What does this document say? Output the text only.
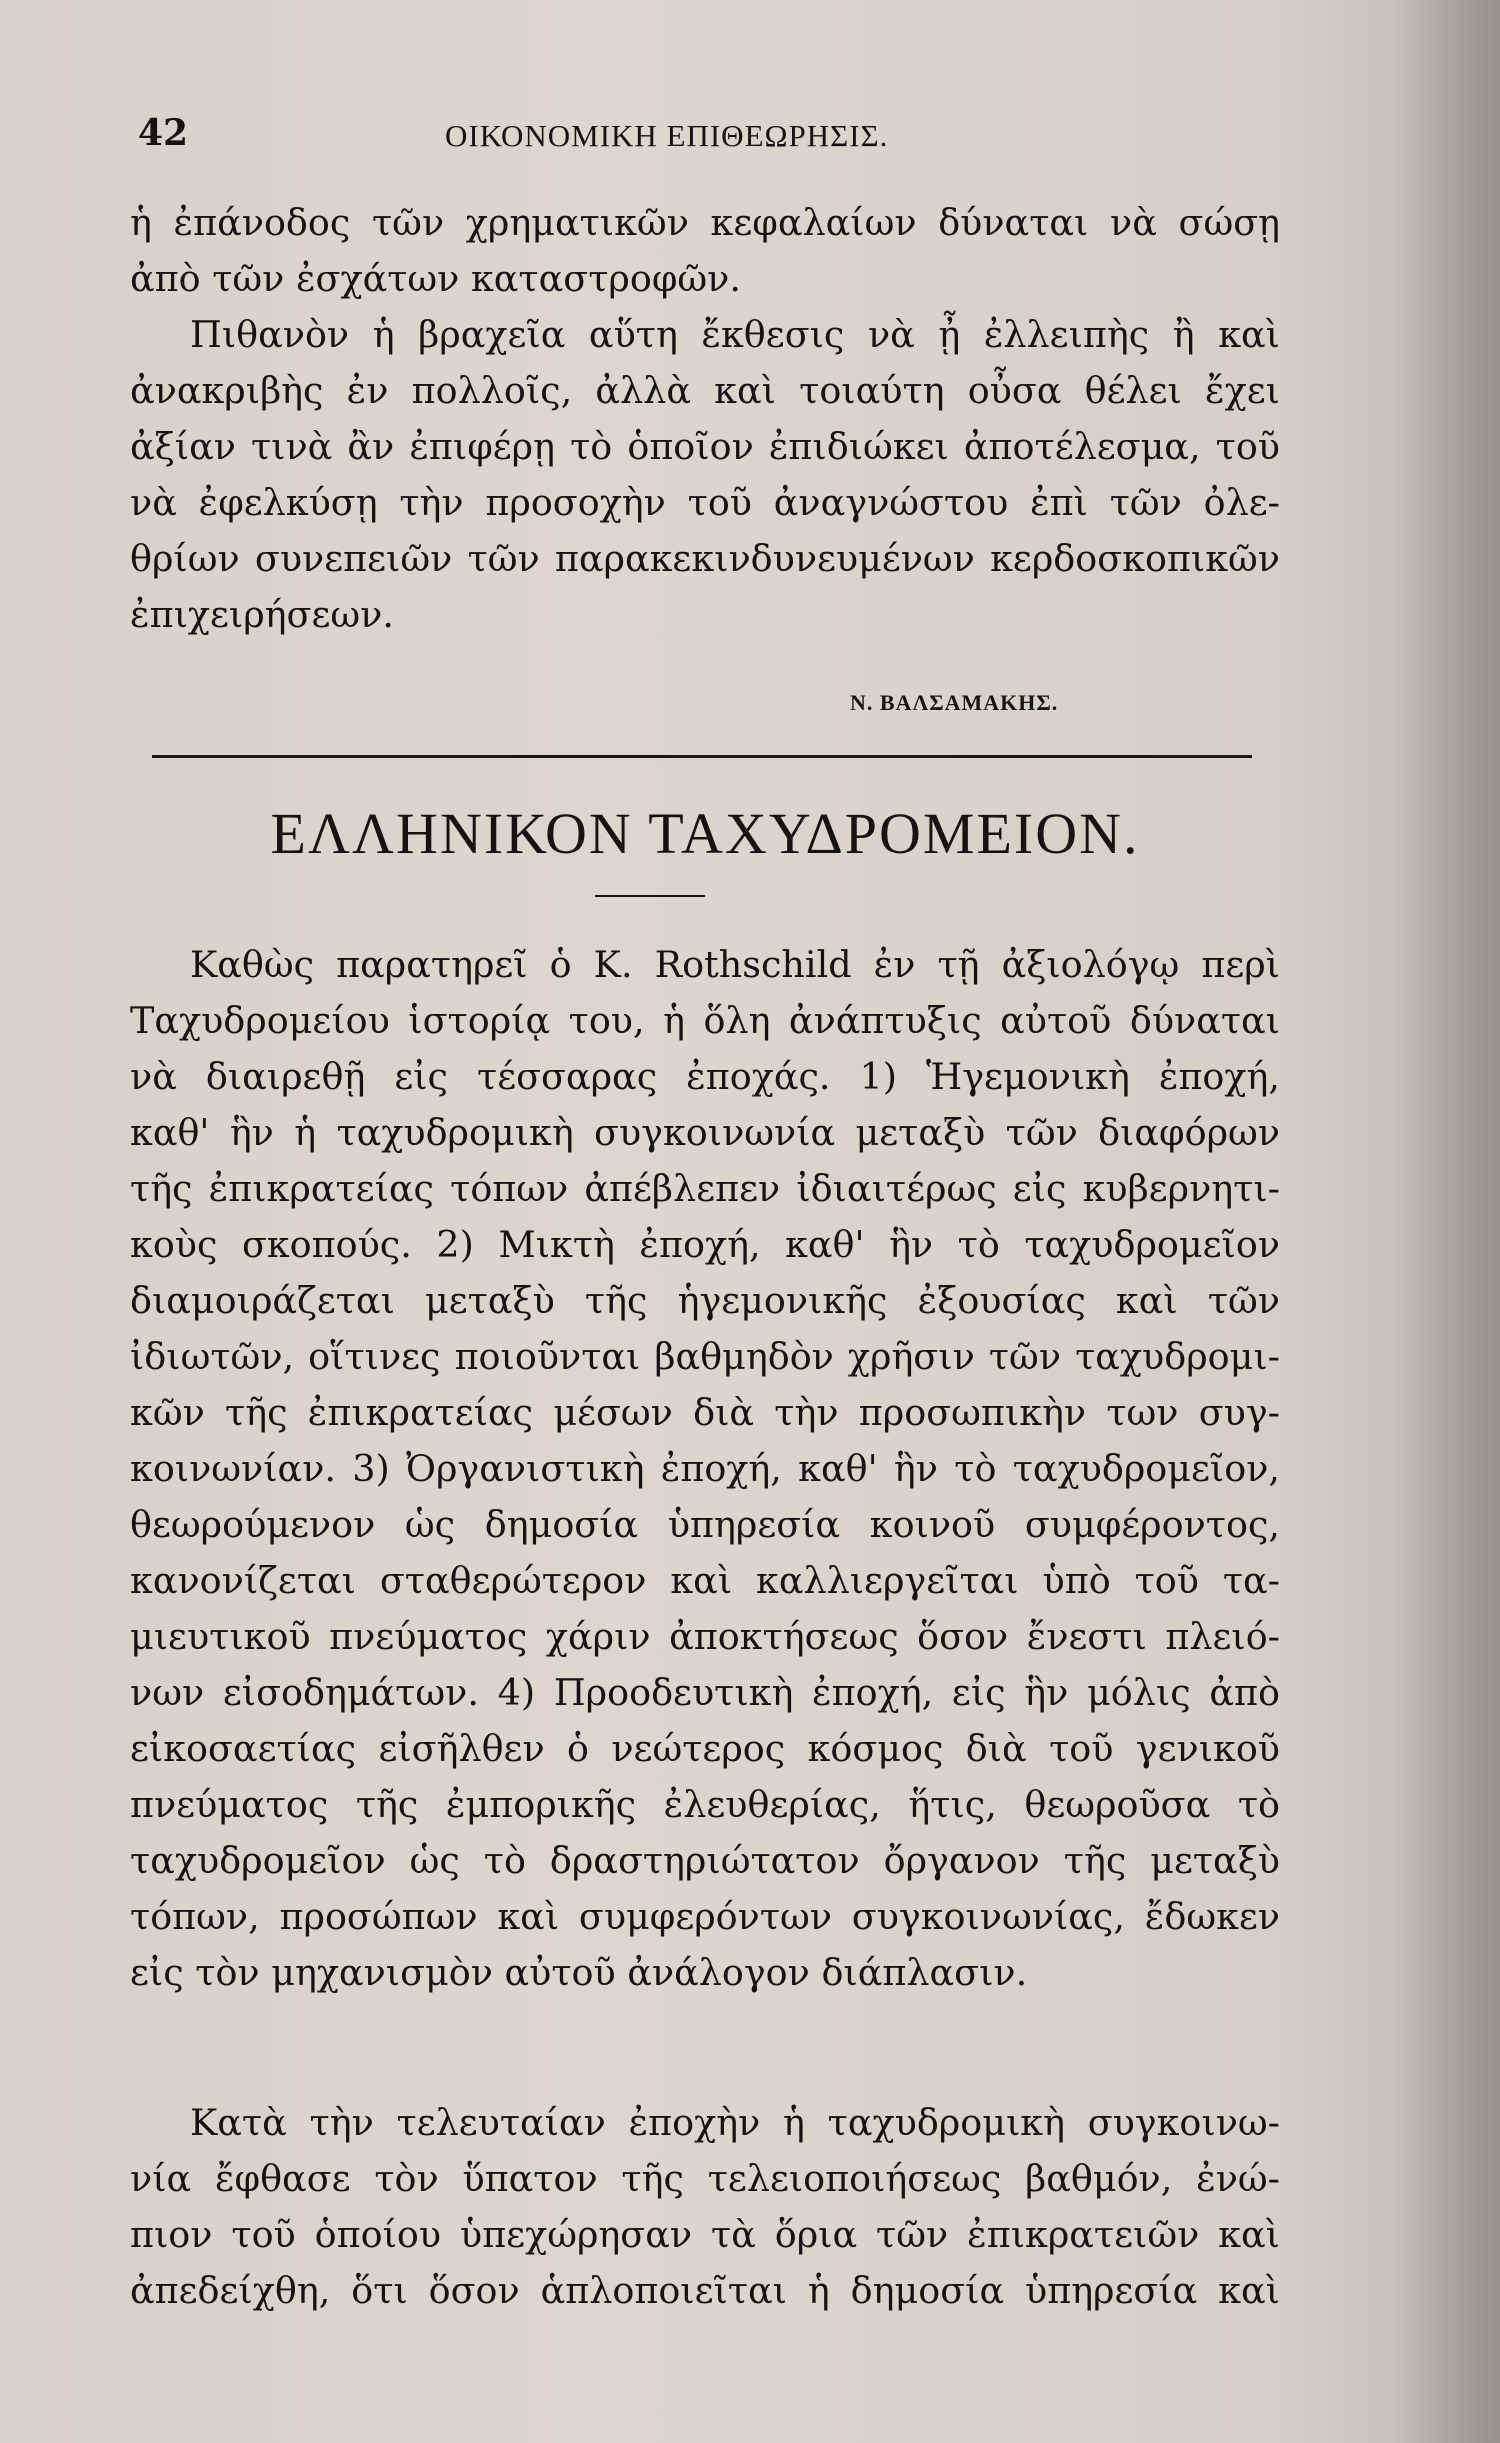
42	ΟΙΚΟΝΟΜΙΚΗ ΕΠΙΘΕΩΡΗΣΙΣ.
ἡ ἐπάνοδος τῶν χρηματικῶν κεφαλαίων δύναται νὰ σώσῃ
ἀπὸ τῶν ἐσχάτων καταστροφῶν.
Πιθανὸν ἡ βραχεῖα αὕτη ἔκθεσις νὰ ᾖ ἐλλειπὴς ἢ καὶ
ἀνακριβὴς ἐν πολλοῖς, ἀλλὰ καὶ τοιαύτη οὖσα θέλει ἔχει
ἀξίαν τινὰ ἂν ἐπιφέρῃ τὸ ὁποῖον ἐπιδιώκει ἀποτέλεσμα, τοῦ
νὰ ἐφελκύσῃ τὴν προσοχὴν τοῦ ἀναγνώστου ἐπὶ τῶν ὀλε-
θρίων συνεπειῶν τῶν παρακεκινδυνευμένων κερδοσκοπικῶν
ἐπιχειρήσεων.
Ν. ΒΑΛΣΑΜΑΚΗΣ.
ΕΛΛΗΝΙΚΟΝ ΤΑΧΥΔΡΟΜΕΙΟΝ.
Καθὼς παρατηρεῖ ὁ Κ. Rothschild ἐν τῇ ἀξιολόγῳ περὶ
Ταχυδρομείου ἱστορίᾳ του, ἡ ὅλη ἀνάπτυξις αὐτοῦ δύναται
νὰ διαιρεθῇ εἰς τέσσαρας ἐποχάς. 1) Ἡγεμονικὴ ἐποχή,
καθ' ἣν ἡ ταχυδρομικὴ συγκοινωνία μεταξὺ τῶν διαφόρων
τῆς ἐπικρατείας τόπων ἀπέβλεπεν ἰδιαιτέρως εἰς κυβερνητι-
κοὺς σκοπούς. 2) Μικτὴ ἐποχή, καθ' ἣν τὸ ταχυδρομεῖον
διαμοιράζεται μεταξὺ τῆς ἡγεμονικῆς ἐξουσίας καὶ τῶν
ἰδιωτῶν, οἵτινες ποιοῦνται βαθμηδὸν χρῆσιν τῶν ταχυδρομι-
κῶν τῆς ἐπικρατείας μέσων διὰ τὴν προσωπικὴν των συγ-
κοινωνίαν. 3) Ὀργανιστικὴ ἐποχή, καθ' ἣν τὸ ταχυδρομεῖον,
θεωρούμενον ὡς δημοσία ὑπηρεσία κοινοῦ συμφέροντος,
κανονίζεται σταθερώτερον καὶ καλλιεργεῖται ὑπὸ τοῦ τα-
μιευτικοῦ πνεύματος χάριν ἀποκτήσεως ὅσον ἔνεστι πλειό-
νων εἰσοδημάτων. 4) Προοδευτικὴ ἐποχή, εἰς ἣν μόλις ἀπὸ
εἰκοσαετίας εἰσῆλθεν ὁ νεώτερος κόσμος διὰ τοῦ γενικοῦ
πνεύματος τῆς ἐμπορικῆς ἐλευθερίας, ἥτις, θεωροῦσα τὸ
ταχυδρομεῖον ὡς τὸ δραστηριώτατον ὄργανον τῆς μεταξὺ
τόπων, προσώπων καὶ συμφερόντων συγκοινωνίας, ἔδωκεν
εἰς τὸν μηχανισμὸν αὐτοῦ ἀνάλογον διάπλασιν.
Κατὰ τὴν τελευταίαν ἐποχὴν ἡ ταχυδρομικὴ συγκοινω-
νία ἔφθασε τὸν ὕπατον τῆς τελειοποιήσεως βαθμόν, ἐνώ-
πιον τοῦ ὁποίου ὑπεχώρησαν τὰ ὅρια τῶν ἐπικρατειῶν καὶ
ἀπεδείχθη, ὅτι ὅσον ἁπλοποιεῖται ἡ δημοσία ὑπηρεσία καὶ
